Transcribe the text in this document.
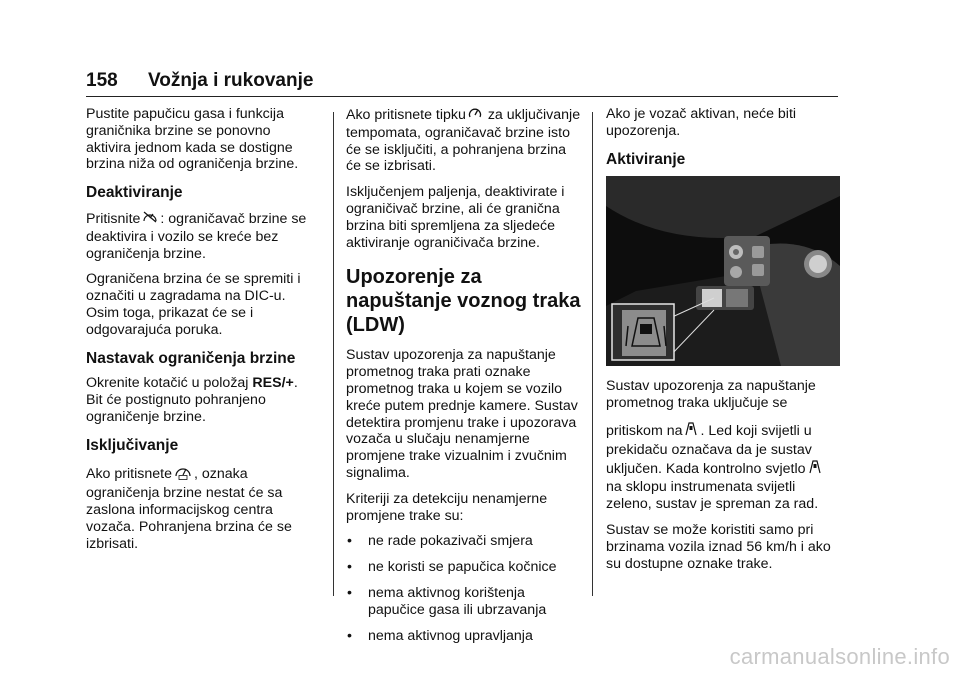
158 Vožnja i rukovanje

Pustite papučicu gasa i funkcija graničnika brzine se ponovno aktivira jednom kada se dostigne brzina niža od ograničenja brzine.

Deaktiviranje

Pritisnite : ograničavač brzine se deaktivira i vozilo se kreće bez ograničenja brzine.

Ograničena brzina će se spremiti i označiti u zagradama na DIC-u. Osim toga, prikazat će se i odgovarajuća poruka.

Nastavak ograničenja brzine

Okrenite kotačić u položaj RES/+. Bit će postignuto pohranjeno ograničenje brzine.

Isključivanje

Ako pritisnete , oznaka ograničenja brzine nestat će sa zaslona informacijskog centra vozača. Pohranjena brzina će se izbrisati.

Ako pritisnete tipku za uključivanje tempomata, ograničavač brzine isto će se isključiti, a pohranjena brzina će se izbrisati.

Isključenjem paljenja, deaktivirate i ograničivač brzine, ali će granična brzina biti spremljena za sljedeće aktiviranje ograničivača brzine.

Upozorenje za napuštanje voznog traka (LDW)

Sustav upozorenja za napuštanje prometnog traka prati oznake prometnog traka u kojem se vozilo kreće putem prednje kamere. Sustav detektira promjenu trake i upozorava vozača u slučaju nenamjerne promjene trake vizualnim i zvučnim signalima.

Kriteriji za detekciju nenamjerne promjene trake su:

• ne rade pokazivači smjera
• ne koristi se papučica kočnice
• nema aktivnog korištenja papučice gasa ili ubrzavanja
• nema aktivnog upravljanja

Ako je vozač aktivan, neće biti upozorenja.

Aktiviranje

Sustav upozorenja za napuštanje prometnog traka uključuje se

pritiskom na . Led koji svijetli u prekidaču označava da je sustav uključen. Kada kontrolno svjetlo na sklopu instrumenata svijetli zeleno, sustav je spreman za rad.

Sustav se može koristiti samo pri brzinama vozila iznad 56 km/h i ako su dostupne oznake trake.

carmanualsonline.info
